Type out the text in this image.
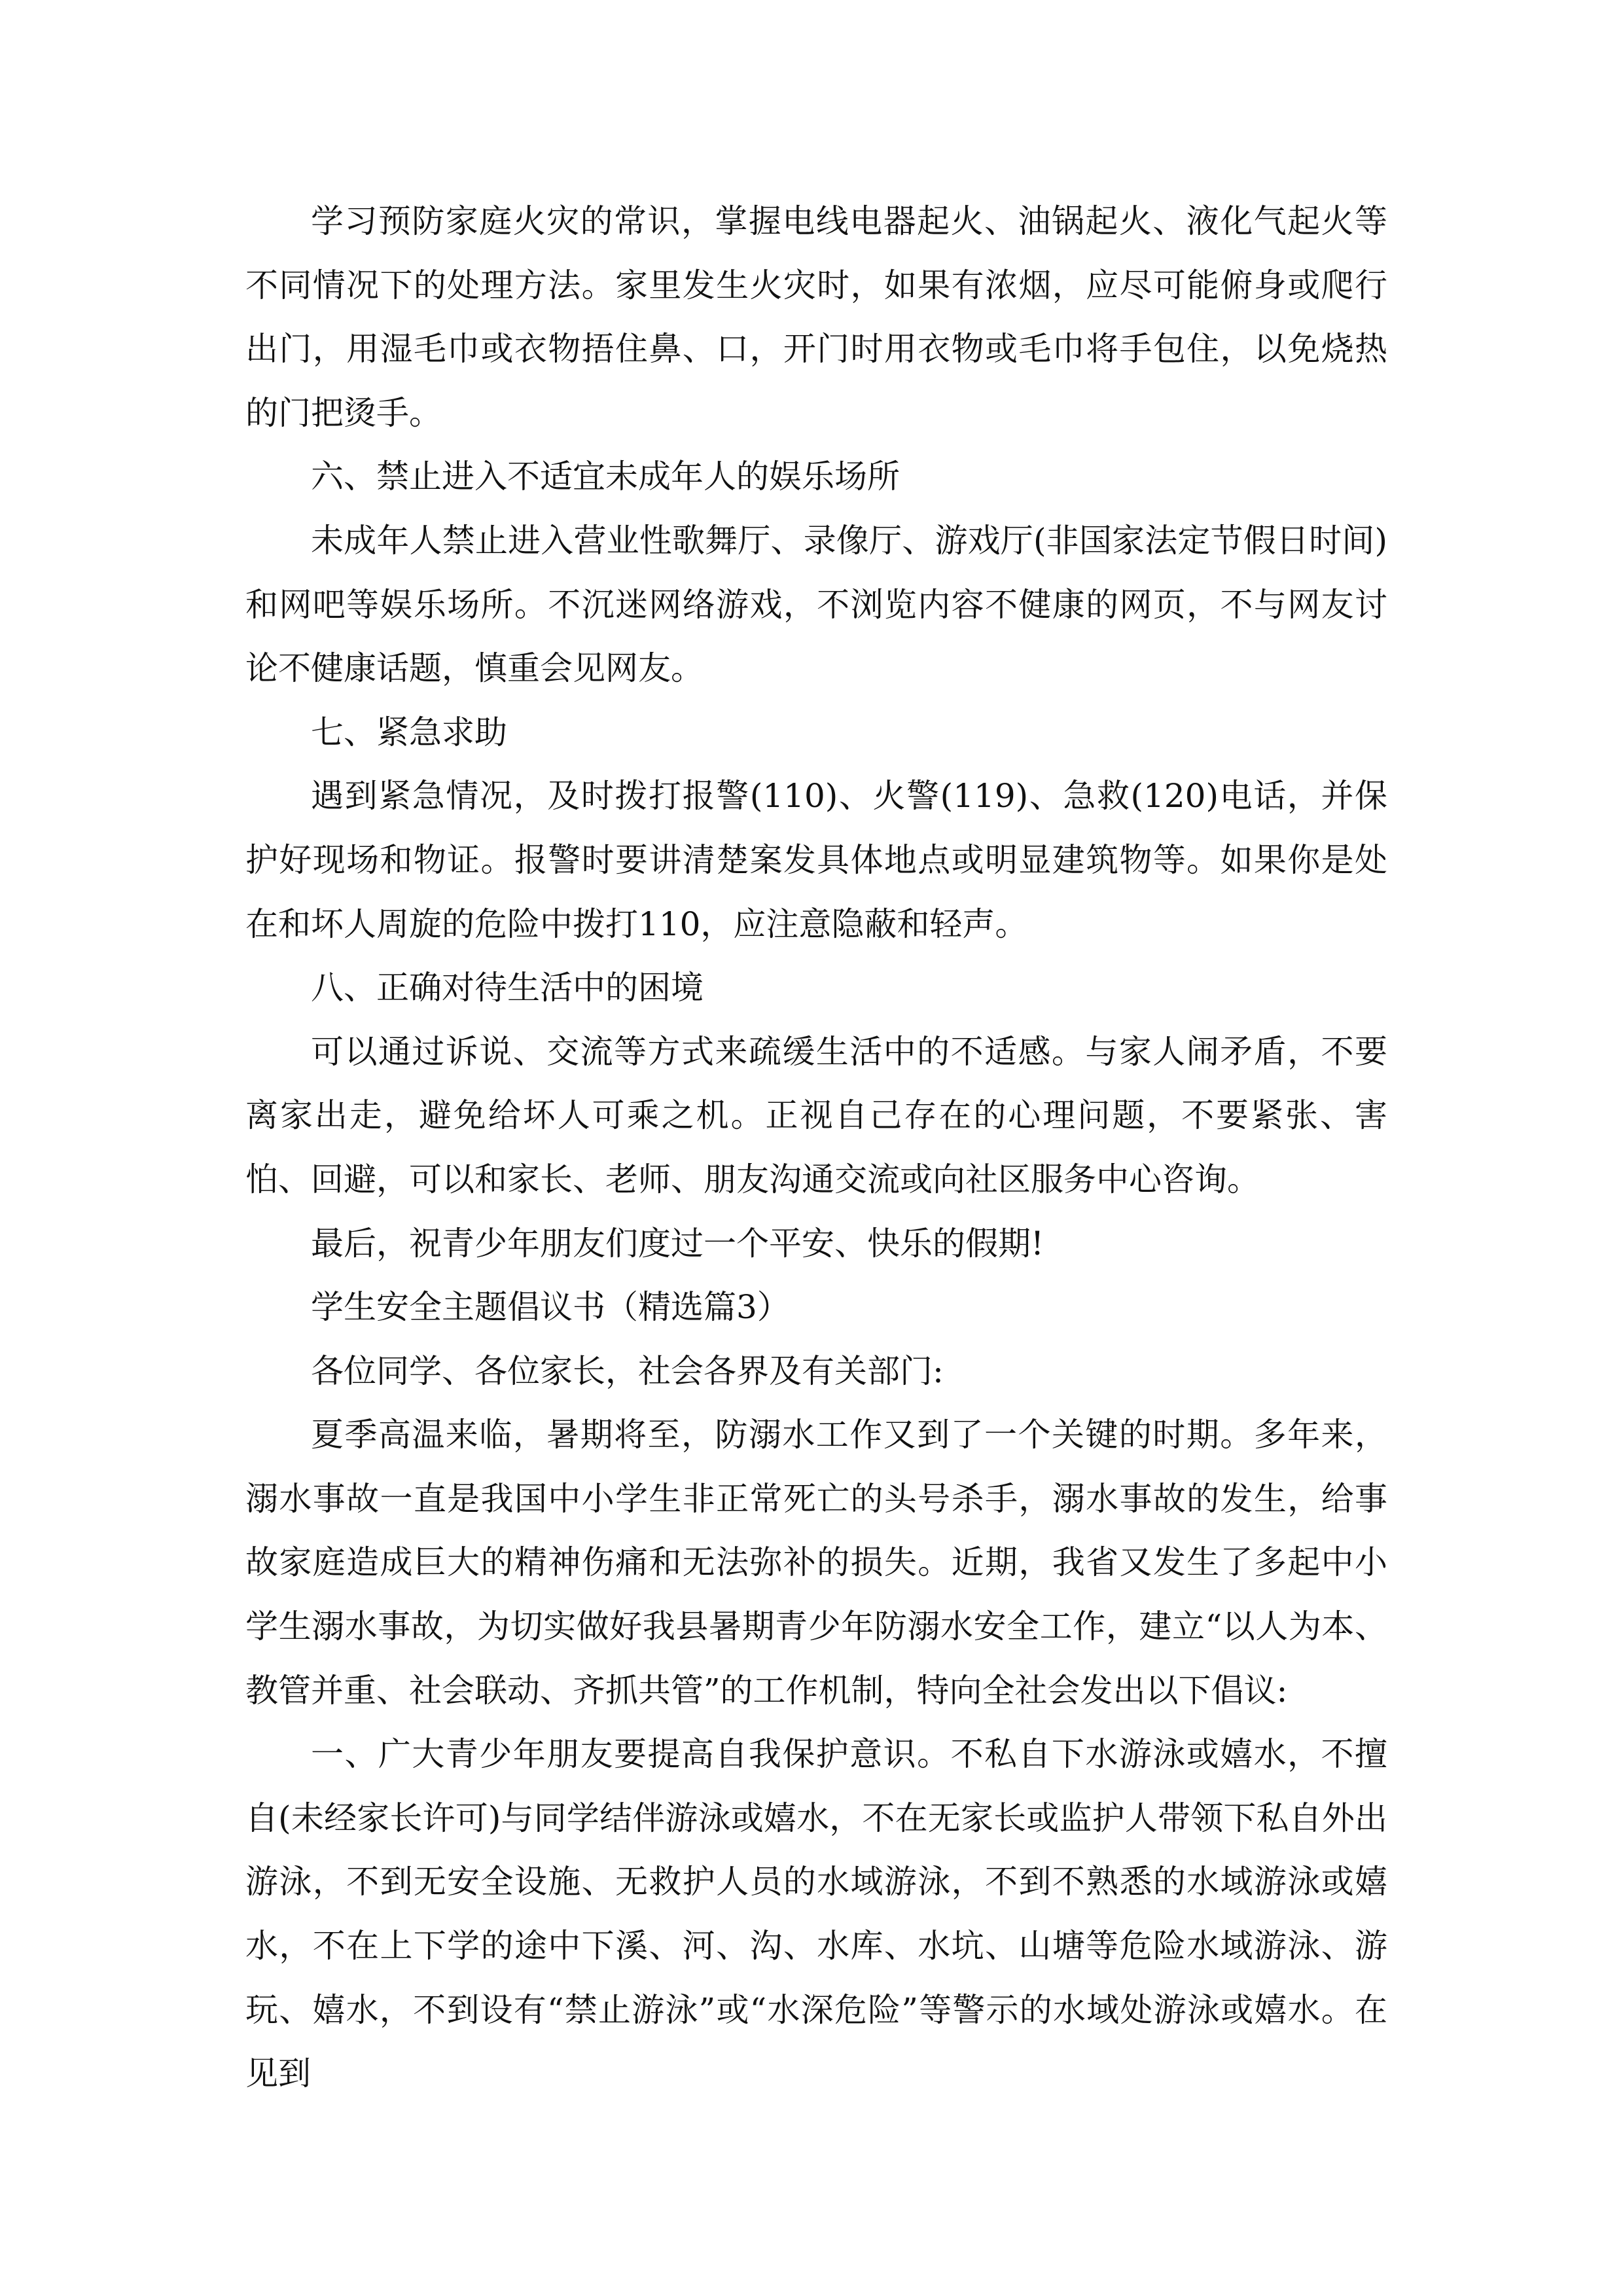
学习预防家庭火灾的常识，掌握电线电器起火、油锅起火、液化气起火等不同情况下的处理方法。家里发生火灾时，如果有浓烟，应尽可能俯身或爬行出门，用湿毛巾或衣物捂住鼻、口，开门时用衣物或毛巾将手包住，以免烧热的门把烫手。

六、禁止进入不适宜未成年人的娱乐场所

未成年人禁止进入营业性歌舞厅、录像厅、游戏厅(非国家法定节假日时间)和网吧等娱乐场所。不沉迷网络游戏，不浏览内容不健康的网页，不与网友讨论不健康话题，慎重会见网友。

七、紧急求助

遇到紧急情况，及时拨打报警(110)、火警(119)、急救(120)电话，并保护好现场和物证。报警时要讲清楚案发具体地点或明显建筑物等。如果你是处在和坏人周旋的危险中拨打110，应注意隐蔽和轻声。

八、正确对待生活中的困境

可以通过诉说、交流等方式来疏缓生活中的不适感。与家人闹矛盾，不要离家出走，避免给坏人可乘之机。正视自己存在的心理问题，不要紧张、害怕、回避，可以和家长、老师、朋友沟通交流或向社区服务中心咨询。

最后，祝青少年朋友们度过一个平安、快乐的假期!

学生安全主题倡议书（精选篇3）

各位同学、各位家长，社会各界及有关部门:

夏季高温来临，暑期将至，防溺水工作又到了一个关键的时期。多年来，溺水事故一直是我国中小学生非正常死亡的头号杀手，溺水事故的发生，给事故家庭造成巨大的精神伤痛和无法弥补的损失。近期，我省又发生了多起中小学生溺水事故，为切实做好我县暑期青少年防溺水安全工作，建立“以人为本、教管并重、社会联动、齐抓共管”的工作机制，特向全社会发出以下倡议:

一、广大青少年朋友要提高自我保护意识。不私自下水游泳或嬉水，不擅自(未经家长许可)与同学结伴游泳或嬉水，不在无家长或监护人带领下私自外出游泳，不到无安全设施、无救护人员的水域游泳，不到不熟悉的水域游泳或嬉水，不在上下学的途中下溪、河、沟、水库、水坑、山塘等危险水域游泳、游玩、嬉水，不到设有“禁止游泳”或“水深危险”等警示的水域处游泳或嬉水。在见到
